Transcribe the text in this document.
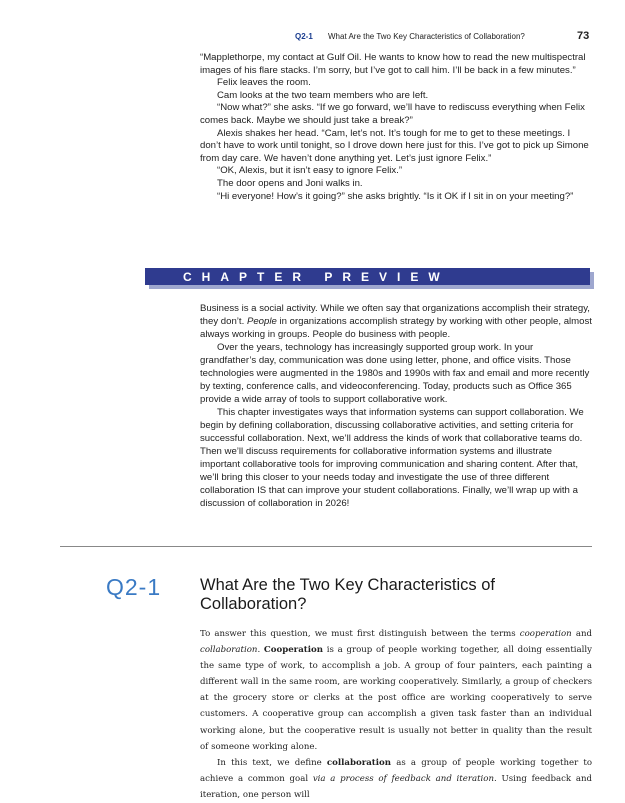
Q2-1 What Are the Two Key Characteristics of Collaboration?	73

“Mapplethorpe, my contact at Gulf Oil. He wants to know how to read the new multispectral images of his flare stacks. I’m sorry, but I’ve got to call him. I’ll be back in a few minutes.”

Felix leaves the room.

Cam looks at the two team members who are left.

“Now what?” she asks. “If we go forward, we’ll have to rediscuss everything when Felix comes back. Maybe we should just take a break?”

Alexis shakes her head. “Cam, let’s not. It’s tough for me to get to these meetings. I don’t have to work until tonight, so I drove down here just for this. I’ve got to pick up Simone from day care. We haven’t done anything yet. Let’s just ignore Felix.”

“OK, Alexis, but it isn’t easy to ignore Felix.”

The door opens and Joni walks in.

“Hi everyone! How’s it going?” she asks brightly. “Is it OK if I sit in on your meeting?”

CHAPTER PREVIEW

Business is a social activity. While we often say that organizations accomplish their strategy, they don’t. People in organizations accomplish strategy by working with other people, almost always working in groups. People do business with people.

Over the years, technology has increasingly supported group work. In your grandfather’s day, communication was done using letter, phone, and office visits. Those technologies were augmented in the 1980s and 1990s with fax and email and more recently by texting, conference calls, and videoconferencing. Today, products such as Office 365 provide a wide array of tools to support collaborative work.

This chapter investigates ways that information systems can support collaboration. We begin by defining collaboration, discussing collaborative activities, and setting criteria for successful collaboration. Next, we’ll address the kinds of work that collaborative teams do. Then we’ll discuss requirements for collaborative information systems and illustrate important collaborative tools for improving communication and sharing content. After that, we’ll bring this closer to your needs today and investigate the use of three different collaboration IS that can improve your student collaborations. Finally, we’ll wrap up with a discussion of collaboration in 2026!

Q2-1 What Are the Two Key Characteristics of Collaboration?

To answer this question, we must first distinguish between the terms cooperation and collaboration. Cooperation is a group of people working together, all doing essentially the same type of work, to accomplish a job. A group of four painters, each painting a different wall in the same room, are working cooperatively. Similarly, a group of checkers at the grocery store or clerks at the post office are working cooperatively to serve customers. A cooperative group can accomplish a given task faster than an individual working alone, but the cooperative result is usually not better in quality than the result of someone working alone.

In this text, we define collaboration as a group of people working together to achieve a common goal via a process of feedback and iteration. Using feedback and iteration, one person will
